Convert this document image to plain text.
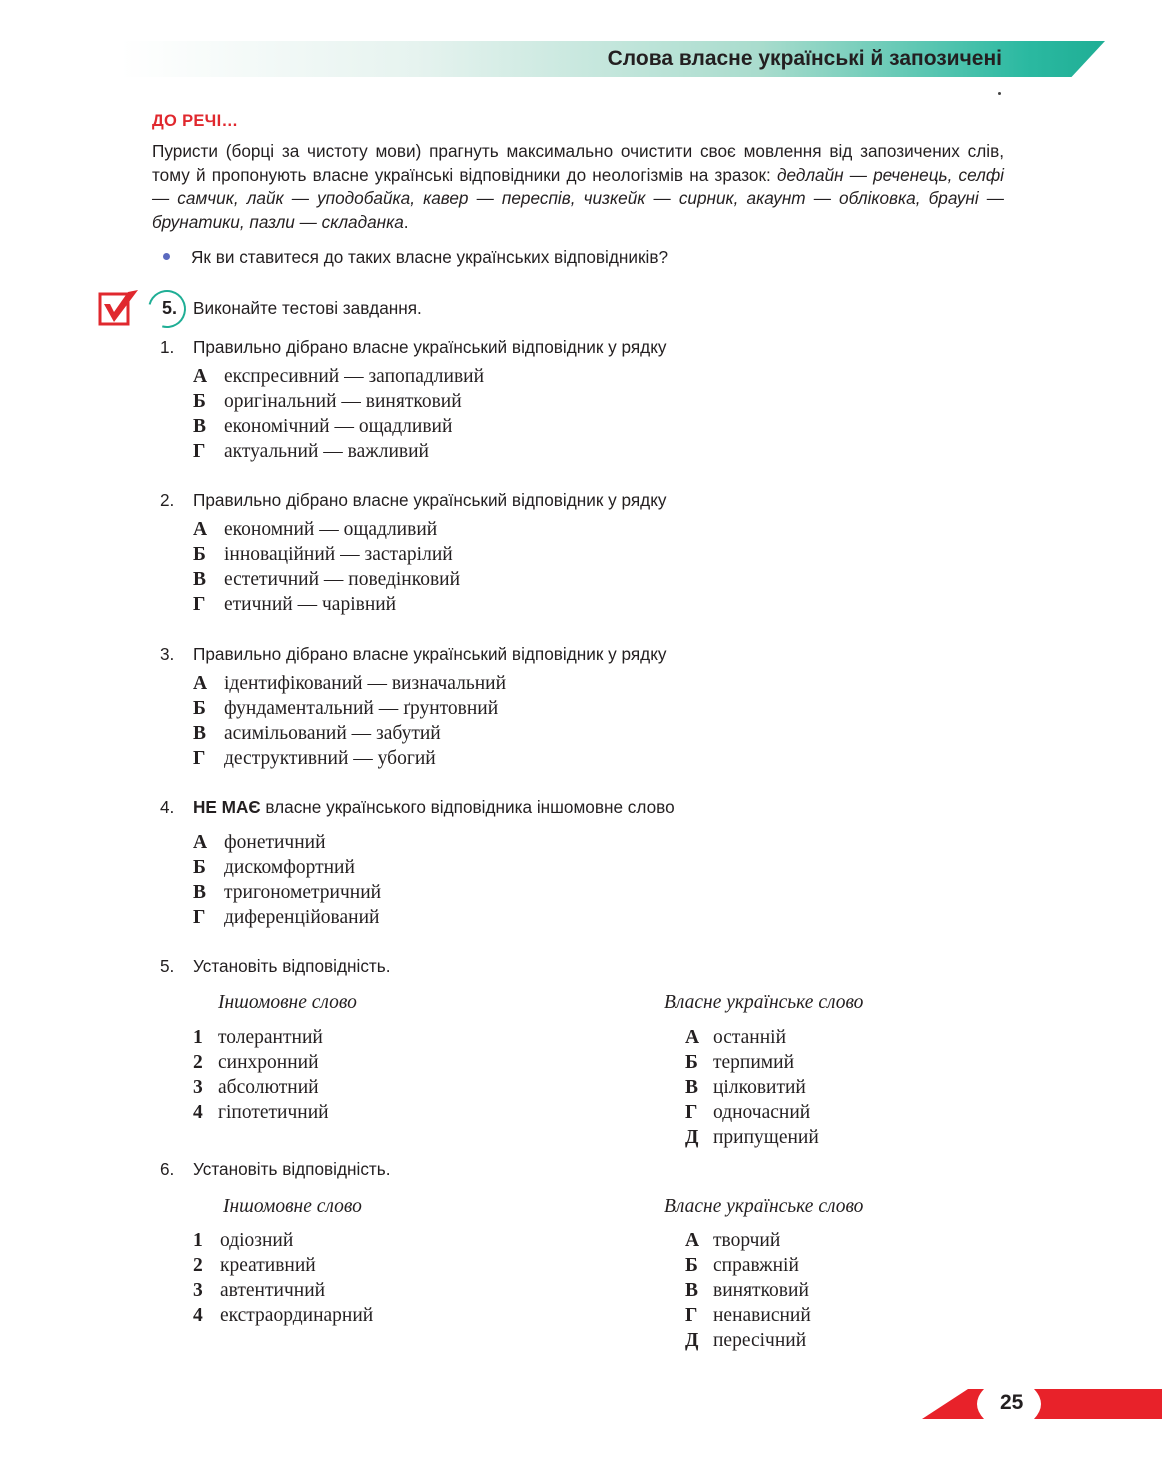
Слова власне українські й запозичені
ДО РЕЧІ…
Пуристи (борці за чистоту мови) прагнуть максимально очистити своє мовлення від запозичених слів, тому й пропонують власне українські відповідники до неологізмів на зразок: дедлайн — реченець, селфі — самчик, лайк — уподобайка, кавер — переспів, чизкейк — сирник, акаунт — обліковка, брауні — брунатики, пазли — складанка.
Як ви ставитеся до таких власне українських відповідників?
5. Виконайте тестові завдання.
1. Правильно дібрано власне український відповідник у рядку
А експресивний — запопадливий
Б оригінальний — винятковий
В економічний — ощадливий
Г актуальний — важливий
2. Правильно дібрано власне український відповідник у рядку
А економний — ощадливий
Б інноваційний — застарілий
В естетичний — поведінковий
Г етичний — чарівний
3. Правильно дібрано власне український відповідник у рядку
А ідентифікований — визначальний
Б фундаментальний — ґрунтовний
В асимільований — забутий
Г деструктивний — убогий
4. НЕ МАЄ власне українського відповідника іншомовне слово
А фонетичний
Б дискомфортний
В тригонометричний
Г диференційований
5. Установіть відповідність.
Іншомовне слово	Власне українське слово
1 толерантний
2 синхронний
3 абсолютний
4 гіпотетичний
А останній
Б терпимий
В цілковитий
Г одночасний
Д припущений
6. Установіть відповідність.
Іншомовне слово	Власне українське слово
1 одіозний
2 креативний
3 автентичний
4 екстраординарний
А творчий
Б справжній
В винятковий
Г ненависний
Д пересічний
25
